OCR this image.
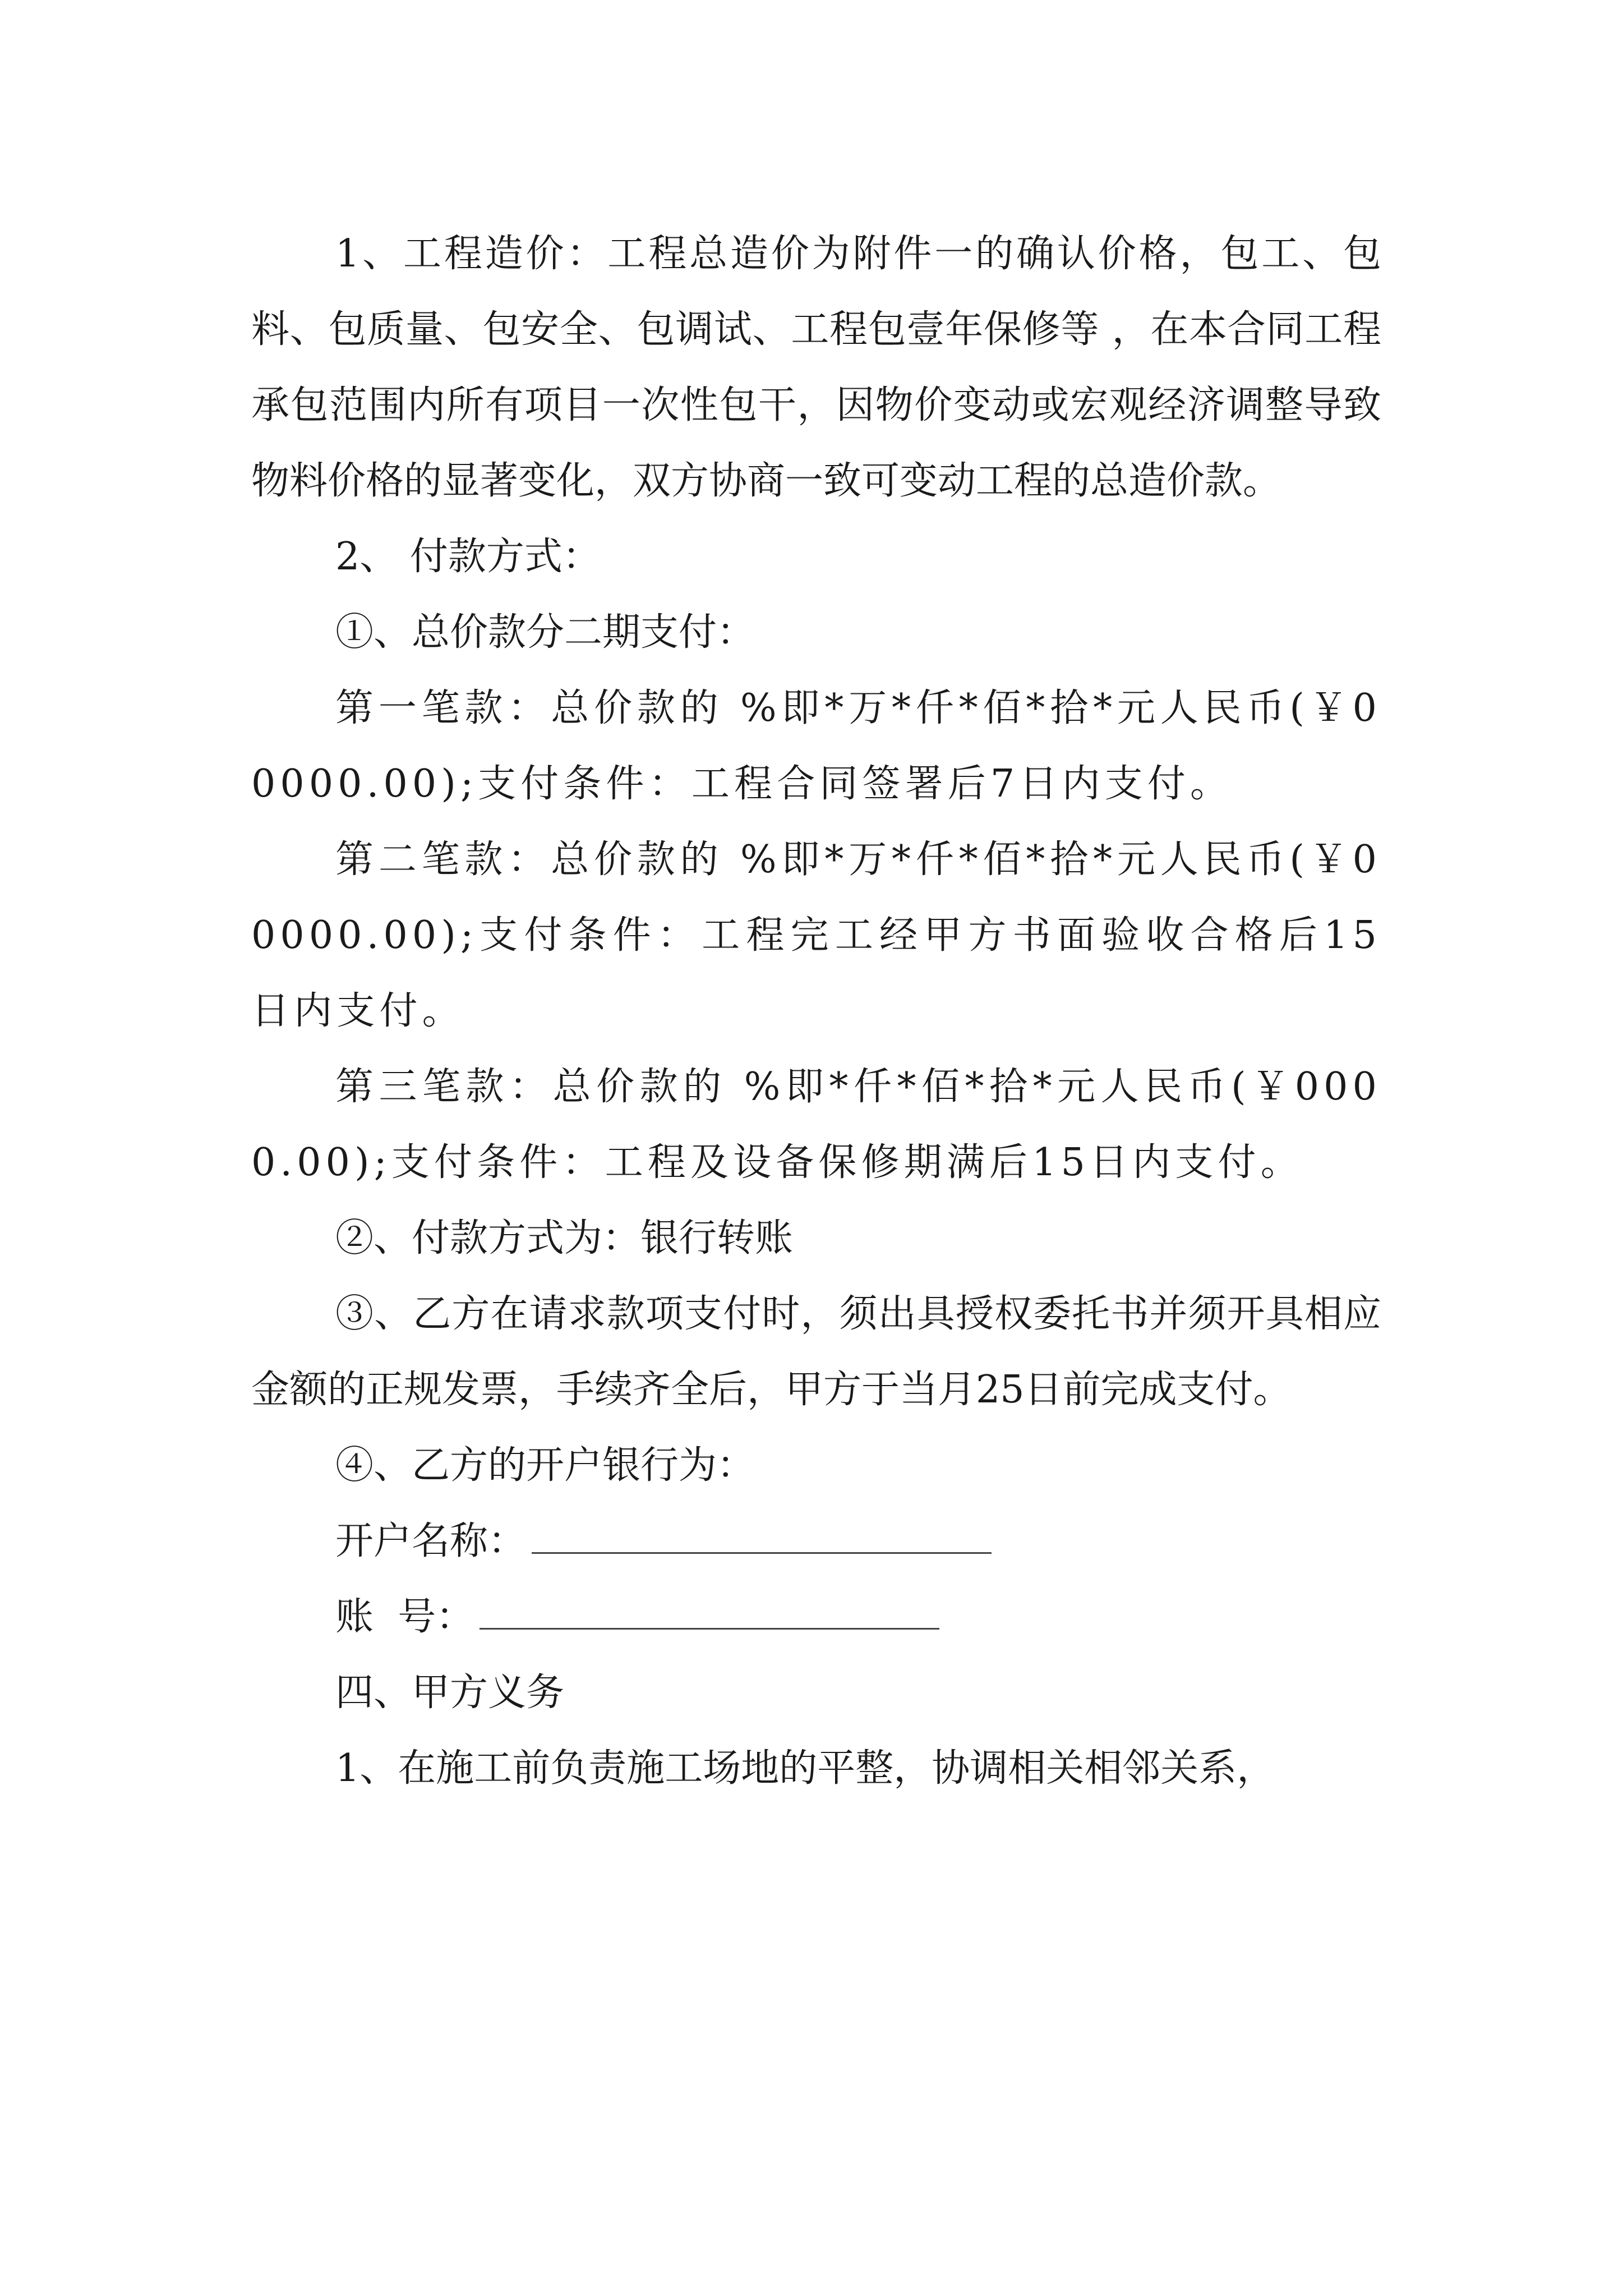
1、工程造价：工程总造价为附件一的确认价格，包工、包料、包质量、包安全、包调试、工程包壹年保修等 ，在本合同工程承包范围内所有项目一次性包干，因物价变动或宏观经济调整导致物料价格的显著变化，双方协商一致可变动工程的总造价款。

2、 付款方式：

①、总价款分二期支付：

第一笔款：总价款的 %即*万*仟*佰*拾*元人民币(￥00000.00);支付条件：工程合同签署后7日内支付。

第二笔款：总价款的 %即*万*仟*佰*拾*元人民币(￥00000.00);支付条件：工程完工经甲方书面验收合格后15日内支付。

第三笔款：总价款的 %即*仟*佰*拾*元人民币(￥0000.00);支付条件：工程及设备保修期满后15日内支付。

②、付款方式为：银行转账

③、乙方在请求款项支付时，须出具授权委托书并须开具相应金额的正规发票，手续齐全后，甲方于当月25日前完成支付。

④、乙方的开户银行为：

开户名称：
账  号：

四、甲方义务

1、在施工前负责施工场地的平整，协调相关相邻关系，
